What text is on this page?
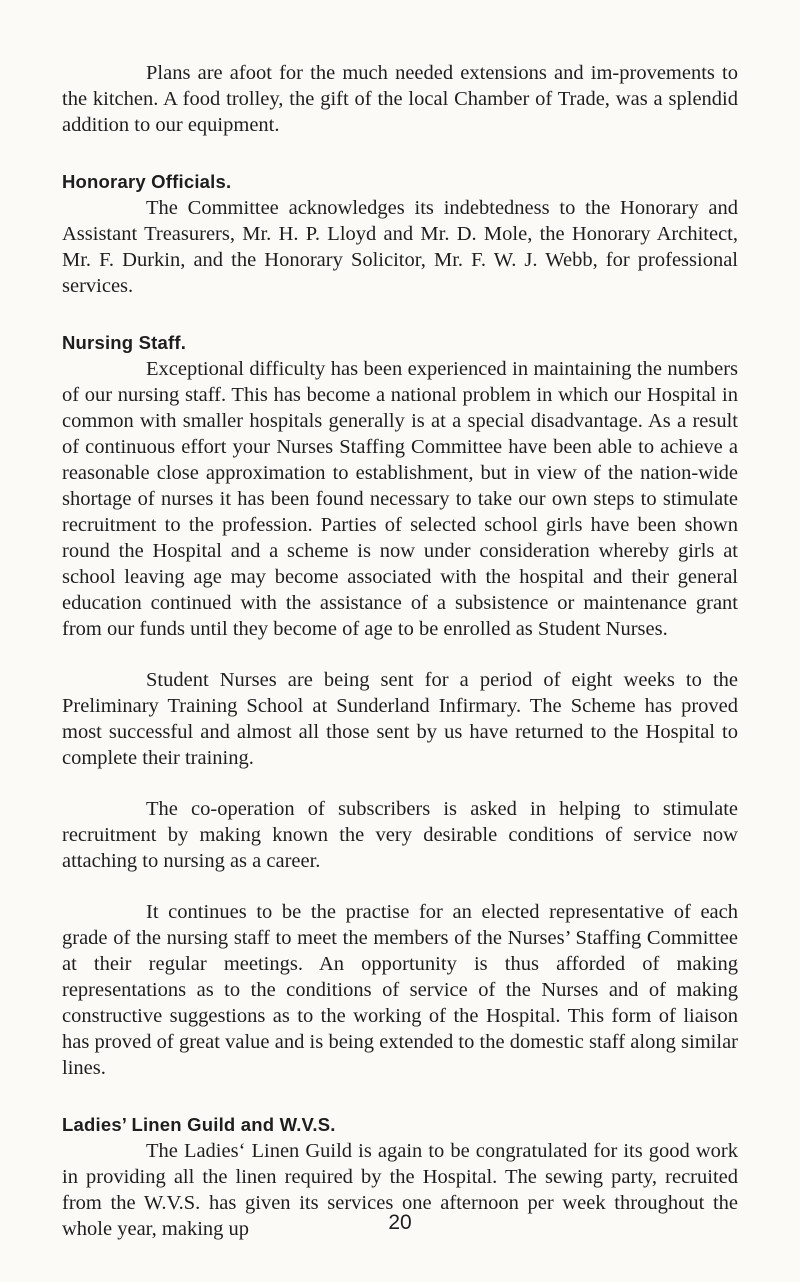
Plans are afoot for the much needed extensions and im-provements to the kitchen. A food trolley, the gift of the local Chamber of Trade, was a splendid addition to our equipment.

Honorary Officials.

The Committee acknowledges its indebtedness to the Honorary and Assistant Treasurers, Mr. H. P. Lloyd and Mr. D. Mole, the Honorary Architect, Mr. F. Durkin, and the Honorary Solicitor, Mr. F. W. J. Webb, for professional services.

Nursing Staff.

Exceptional difficulty has been experienced in maintaining the numbers of our nursing staff. This has become a national problem in which our Hospital in common with smaller hospitals generally is at a special disadvantage. As a result of continuous effort your Nurses Staffing Committee have been able to achieve a reasonable close approximation to establishment, but in view of the nation-wide shortage of nurses it has been found necessary to take our own steps to stimulate recruitment to the profession. Parties of selected school girls have been shown round the Hospital and a scheme is now under consideration whereby girls at school leaving age may become associated with the hospital and their general education continued with the assistance of a subsistence or maintenance grant from our funds until they become of age to be enrolled as Student Nurses.

Student Nurses are being sent for a period of eight weeks to the Preliminary Training School at Sunderland Infirmary. The Scheme has proved most successful and almost all those sent by us have returned to the Hospital to complete their training.

The co-operation of subscribers is asked in helping to stimulate recruitment by making known the very desirable conditions of service now attaching to nursing as a career.

It continues to be the practise for an elected representative of each grade of the nursing staff to meet the members of the Nurses’ Staffing Committee at their regular meetings. An opportunity is thus afforded of making representations as to the conditions of service of the Nurses and of making constructive suggestions as to the working of the Hospital. This form of liaison has proved of great value and is being extended to the domestic staff along similar lines.

Ladies’ Linen Guild and W.V.S.

The Ladies‘ Linen Guild is again to be congratulated for its good work in providing all the linen required by the Hospital. The sewing party, recruited from the W.V.S. has given its services one afternoon per week throughout the whole year, making up	20
